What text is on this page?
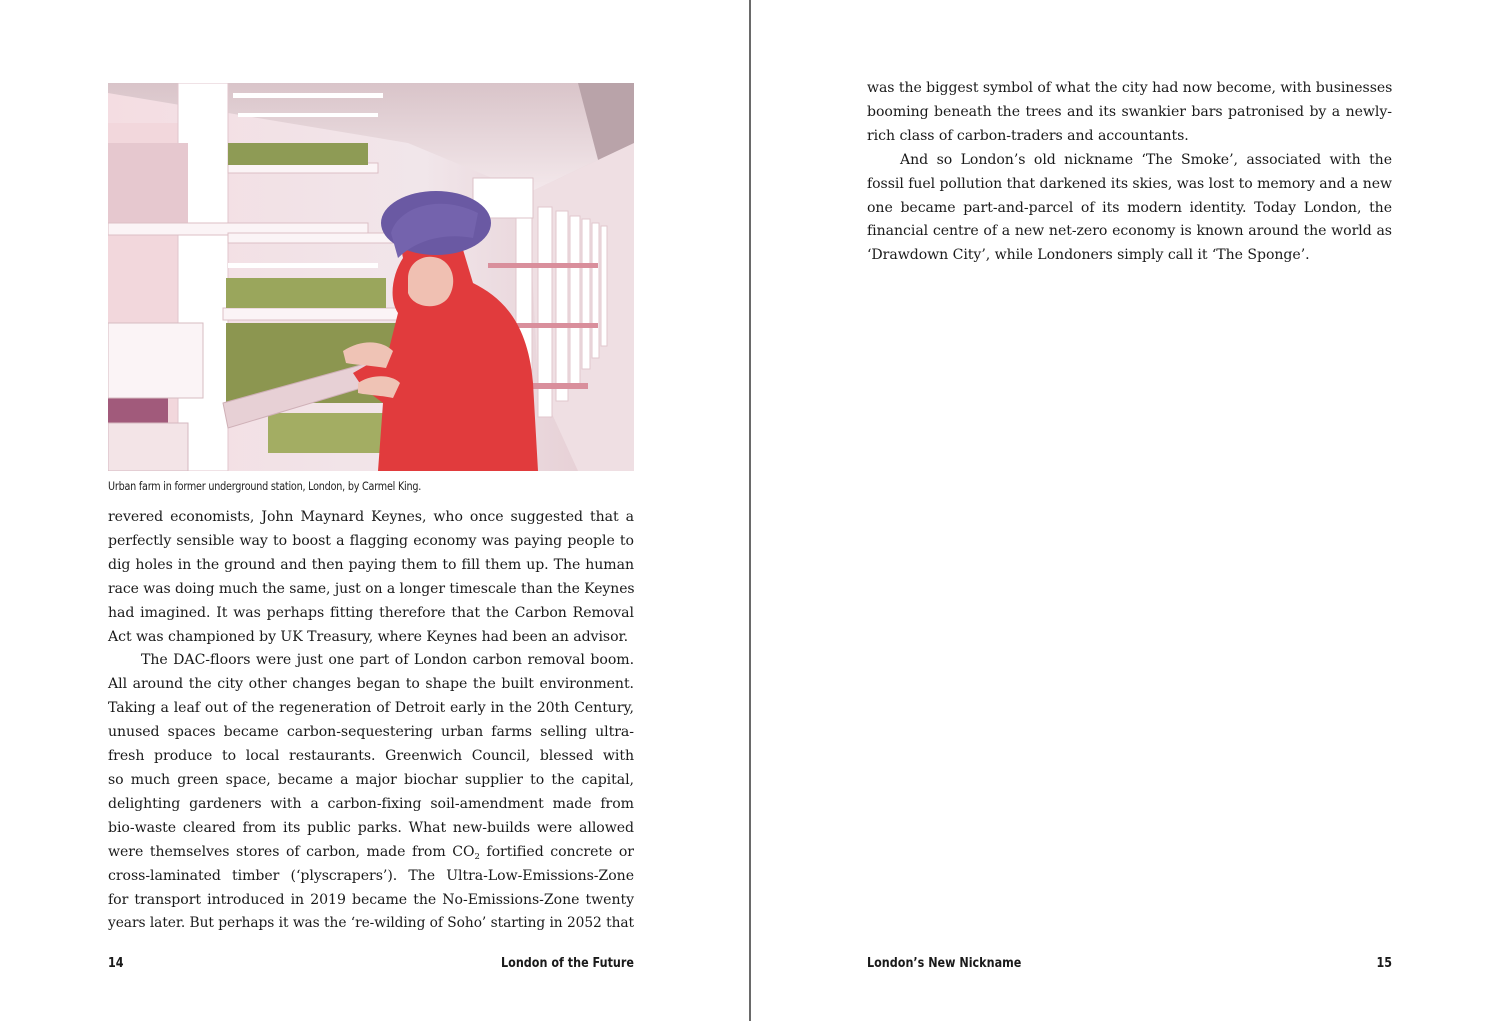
Urban farm in former underground station, London, by Carmel King.
revered economists, John Maynard Keynes, who once suggested that a
perfectly sensible way to boost a flagging economy was paying people to
dig holes in the ground and then paying them to fill them up. The human
race was doing much the same, just on a longer timescale than the Keynes
had imagined. It was perhaps fitting therefore that the Carbon Removal
Act was championed by UK Treasury, where Keynes had been an advisor.
The DAC-floors were just one part of London carbon removal boom.
All around the city other changes began to shape the built environment.
Taking a leaf out of the regeneration of Detroit early in the 20th Century,
unused spaces became carbon-sequestering urban farms selling ultra-
fresh produce to local restaurants. Greenwich Council, blessed with
so much green space, became a major biochar supplier to the capital,
delighting gardeners with a carbon-fixing soil-amendment made from
bio-waste cleared from its public parks. What new-builds were allowed
were themselves stores of carbon, made from $CO_2$ fortified concrete or
cross-laminated timber (‘plyscrapers’). The Ultra-Low-Emissions-Zone
for transport introduced in 2019 became the No-Emissions-Zone twenty
years later. But perhaps it was the ‘re-wilding of Soho’ starting in 2052 that
14	London of the Future
was the biggest symbol of what the city had now become, with businesses
booming beneath the trees and its swankier bars patronised by a newly-
rich class of carbon-traders and accountants.
And so London’s old nickname ‘The Smoke’, associated with the
fossil fuel pollution that darkened its skies, was lost to memory and a new
one became part-and-parcel of its modern identity. Today London, the
financial centre of a new net-zero economy is known around the world as
‘Drawdown City’, while Londoners simply call it ‘The Sponge’.
London’s New Nickname	15
